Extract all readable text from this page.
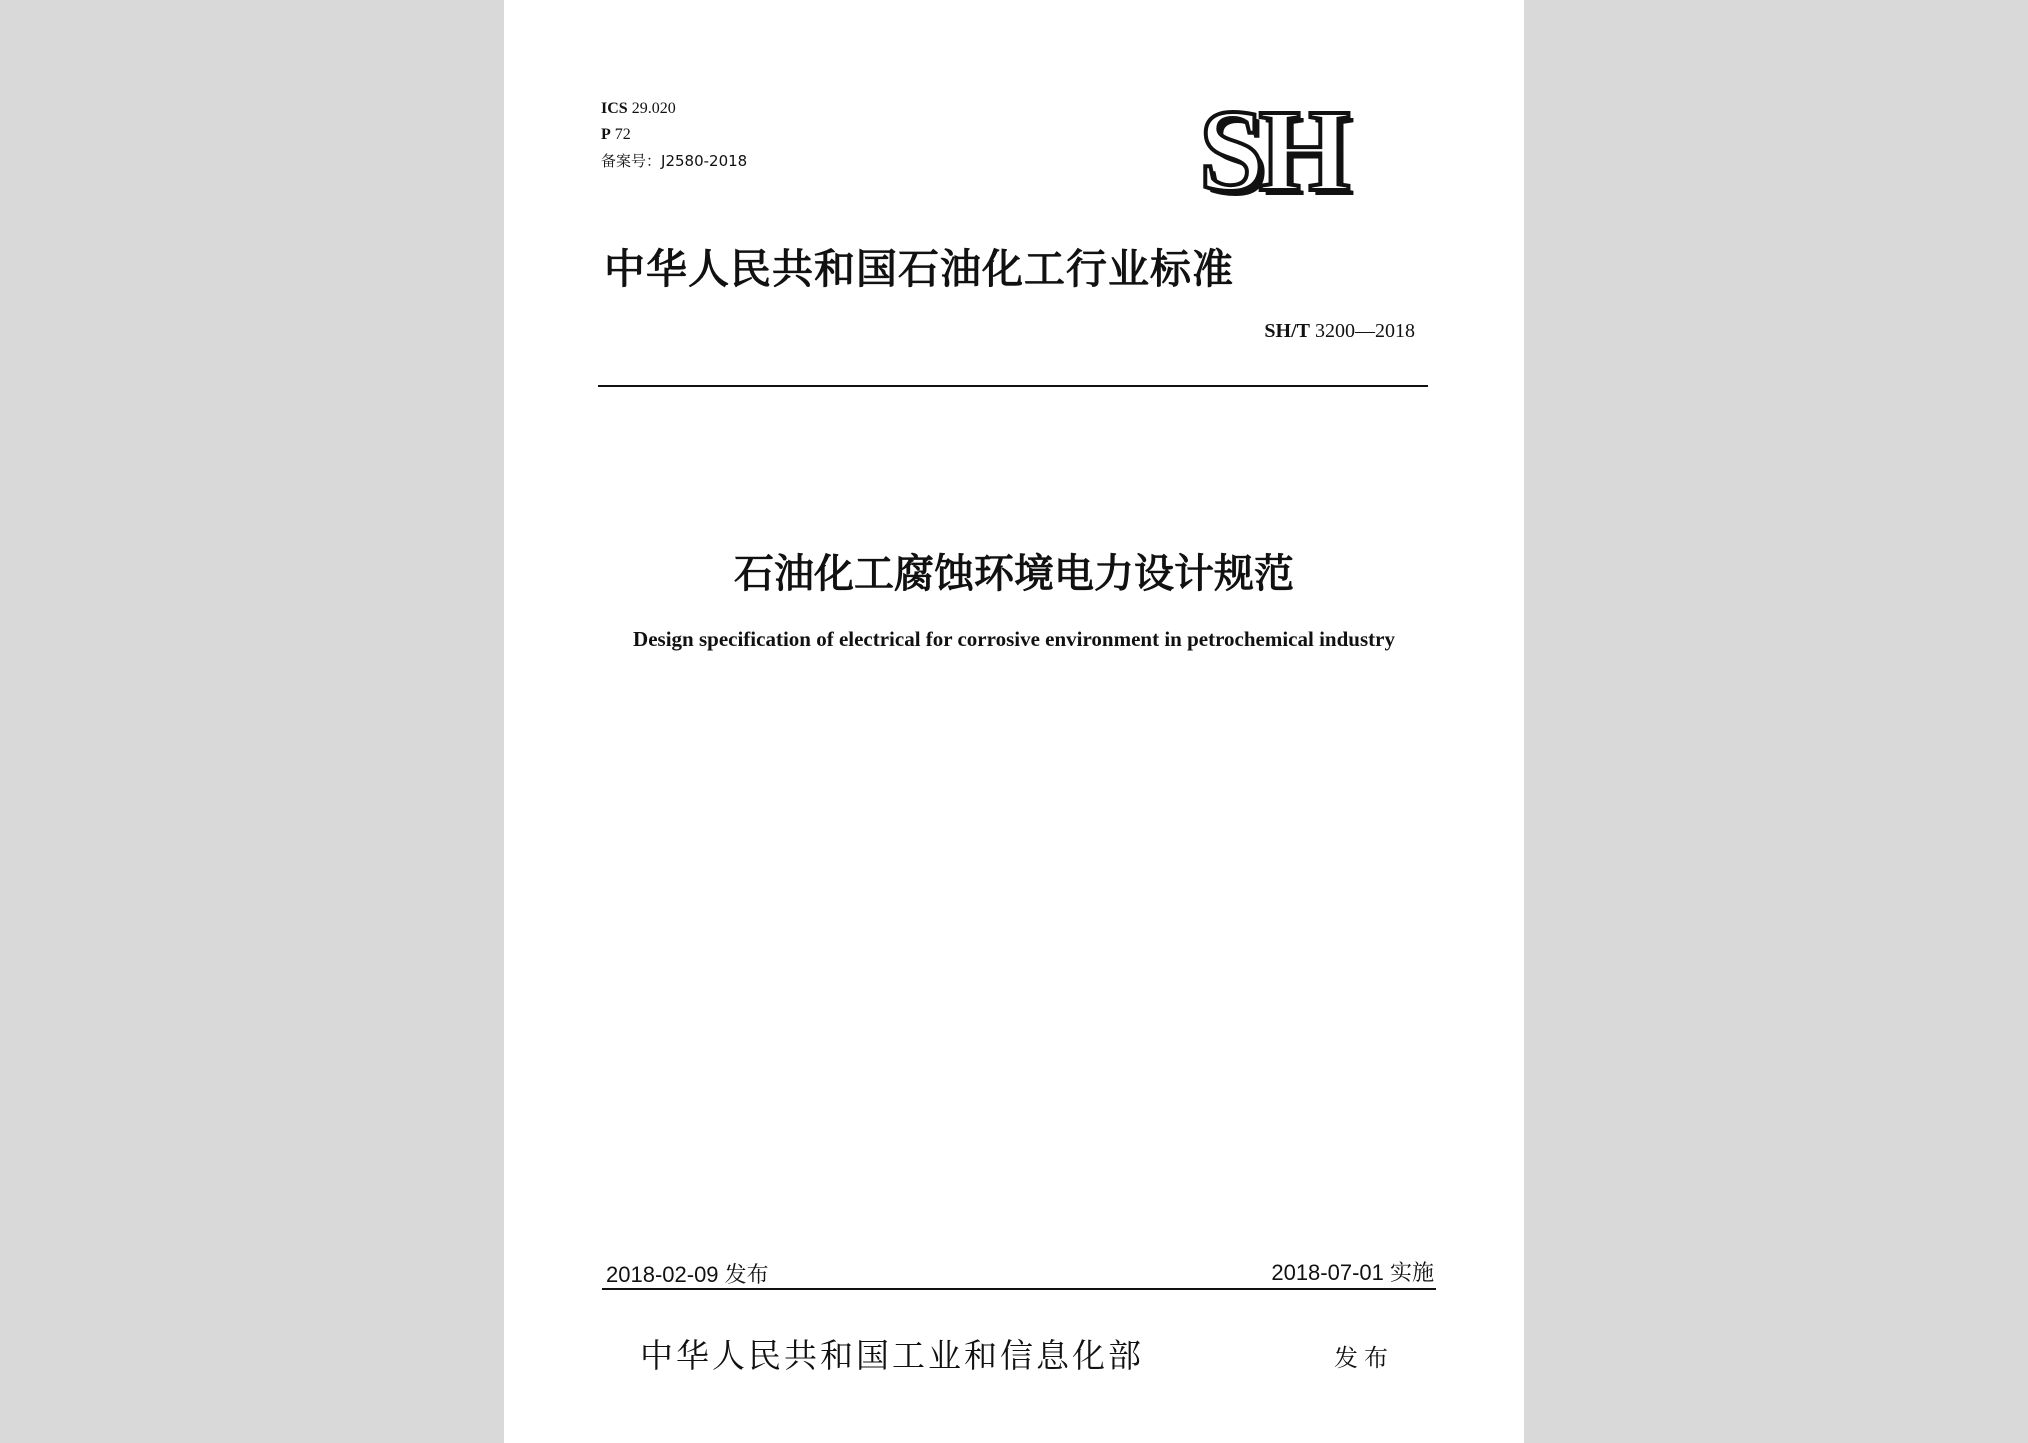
ICS 29.020

P 72

备案号：J2580-2018	SH
中华人民共和国石油化工行业标准

SH/T 3200—2018

石油化工腐蚀环境电力设计规范

Design specification of electrical for corrosive environment in petrochemical industry

2018-02-09 发布	2018-07-01 实施

中华人民共和国工业和信息化部	发布
